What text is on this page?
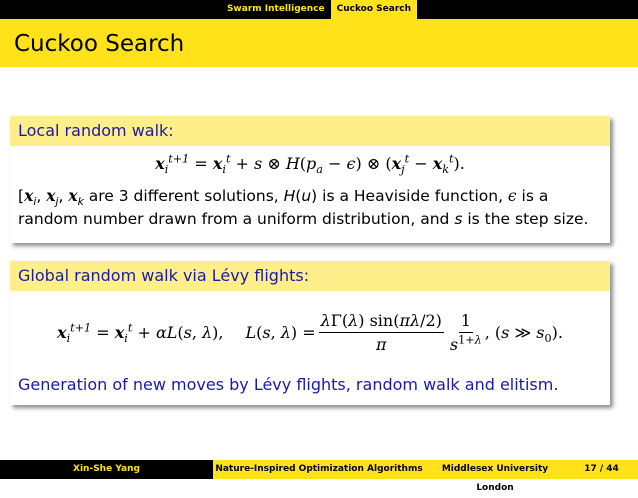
Swarm Intelligence	Cuckoo Search
Cuckoo Search
Local random walk:
$x_i^{t+1} = x_i^t + s$ ⊗ $H(p_a - \epsilon)$ ⊗ $(x_j^t - x_k^t)$.
[$x_i$, $x_j$, $x_k$ are 3 different solutions, H(u) is a Heaviside function, ϵ is a
random number drawn from a uniform distribution, and s is the step size.
Global random walk via Lévy flights:
$x_i^{t+1} = x_i^t + \alpha L(s$, λ), L(s, $\lambda) = \frac{\lambda\Gamma(\lambda) \sin(\pi\lambda/2)}{\pi} \frac{1}{s^{1+\lambda}}$ , (s ≫ $s_0$).
Generation of new moves by Lévy flights, random walk and elitism.
Xin-She Yang	Nature-Inspired Optimization Algorithms	Middlesex University London
17 / 44
